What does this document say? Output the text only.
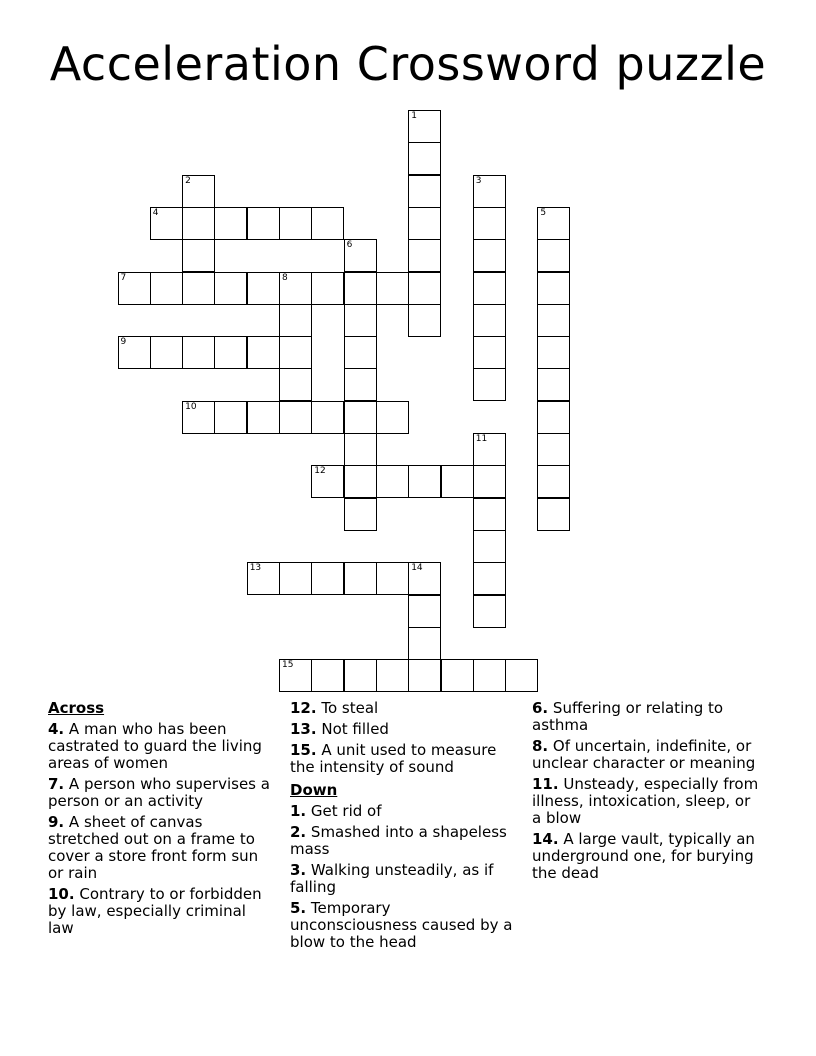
Acceleration Crossword puzzle
4
7	8
9
10
12
13	14
15
1
2	3
5
6
11
Across
4. A man who has been castrated to guard the living areas of women
7. A person who supervises a person or an activity
9. A sheet of canvas stretched out on a frame to cover a store front form sun or rain
10. Contrary to or forbidden by law, especially criminal law
12. To steal
13. Not filled
15. A unit used to measure the intensity of sound
Down
1. Get rid of
2. Smashed into a shapeless mass
3. Walking unsteadily, as if falling
5. Temporary unconsciousness caused by a blow to the head
6. Suffering or relating to asthma
8. Of uncertain, indefinite, or unclear character or meaning
11. Unsteady, especially from illness, intoxication, sleep, or a blow
14. A large vault, typically an underground one, for burying the dead
